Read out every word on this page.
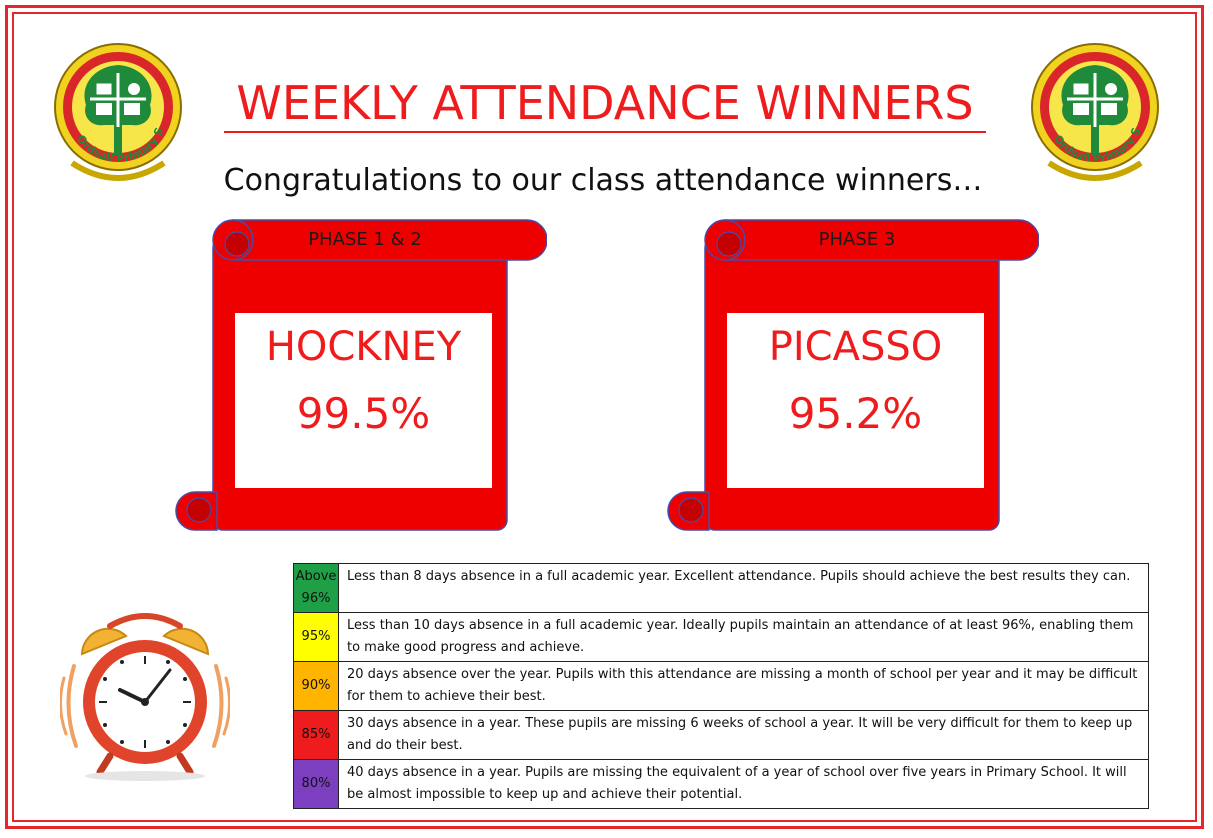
Ordsall Primary S
Ordsall Primary S
WEEKLY ATTENDANCE WINNERS
Congratulations to our class attendance winners…
PHASE 1 & 2
HOCKNEY
99.5%
PHASE 3
PICASSO
95.2%
Above 96%	Less than 8 days absence in a full academic year. Excellent attendance. Pupils should achieve the best results they can.
95%	Less than 10 days absence in a full academic year. Ideally pupils maintain an attendance of at least 96%, enabling them to make good progress and achieve.
90%	20 days absence over the year. Pupils with this attendance are missing a month of school per year and it may be difficult for them to achieve their best.
85%	30 days absence in a year. These pupils are missing 6 weeks of school a year. It will be very difficult for them to keep up and do their best.
80%	40 days absence in a year. Pupils are missing the equivalent of a year of school over five years in Primary School. It will be almost impossible to keep up and achieve their potential.
